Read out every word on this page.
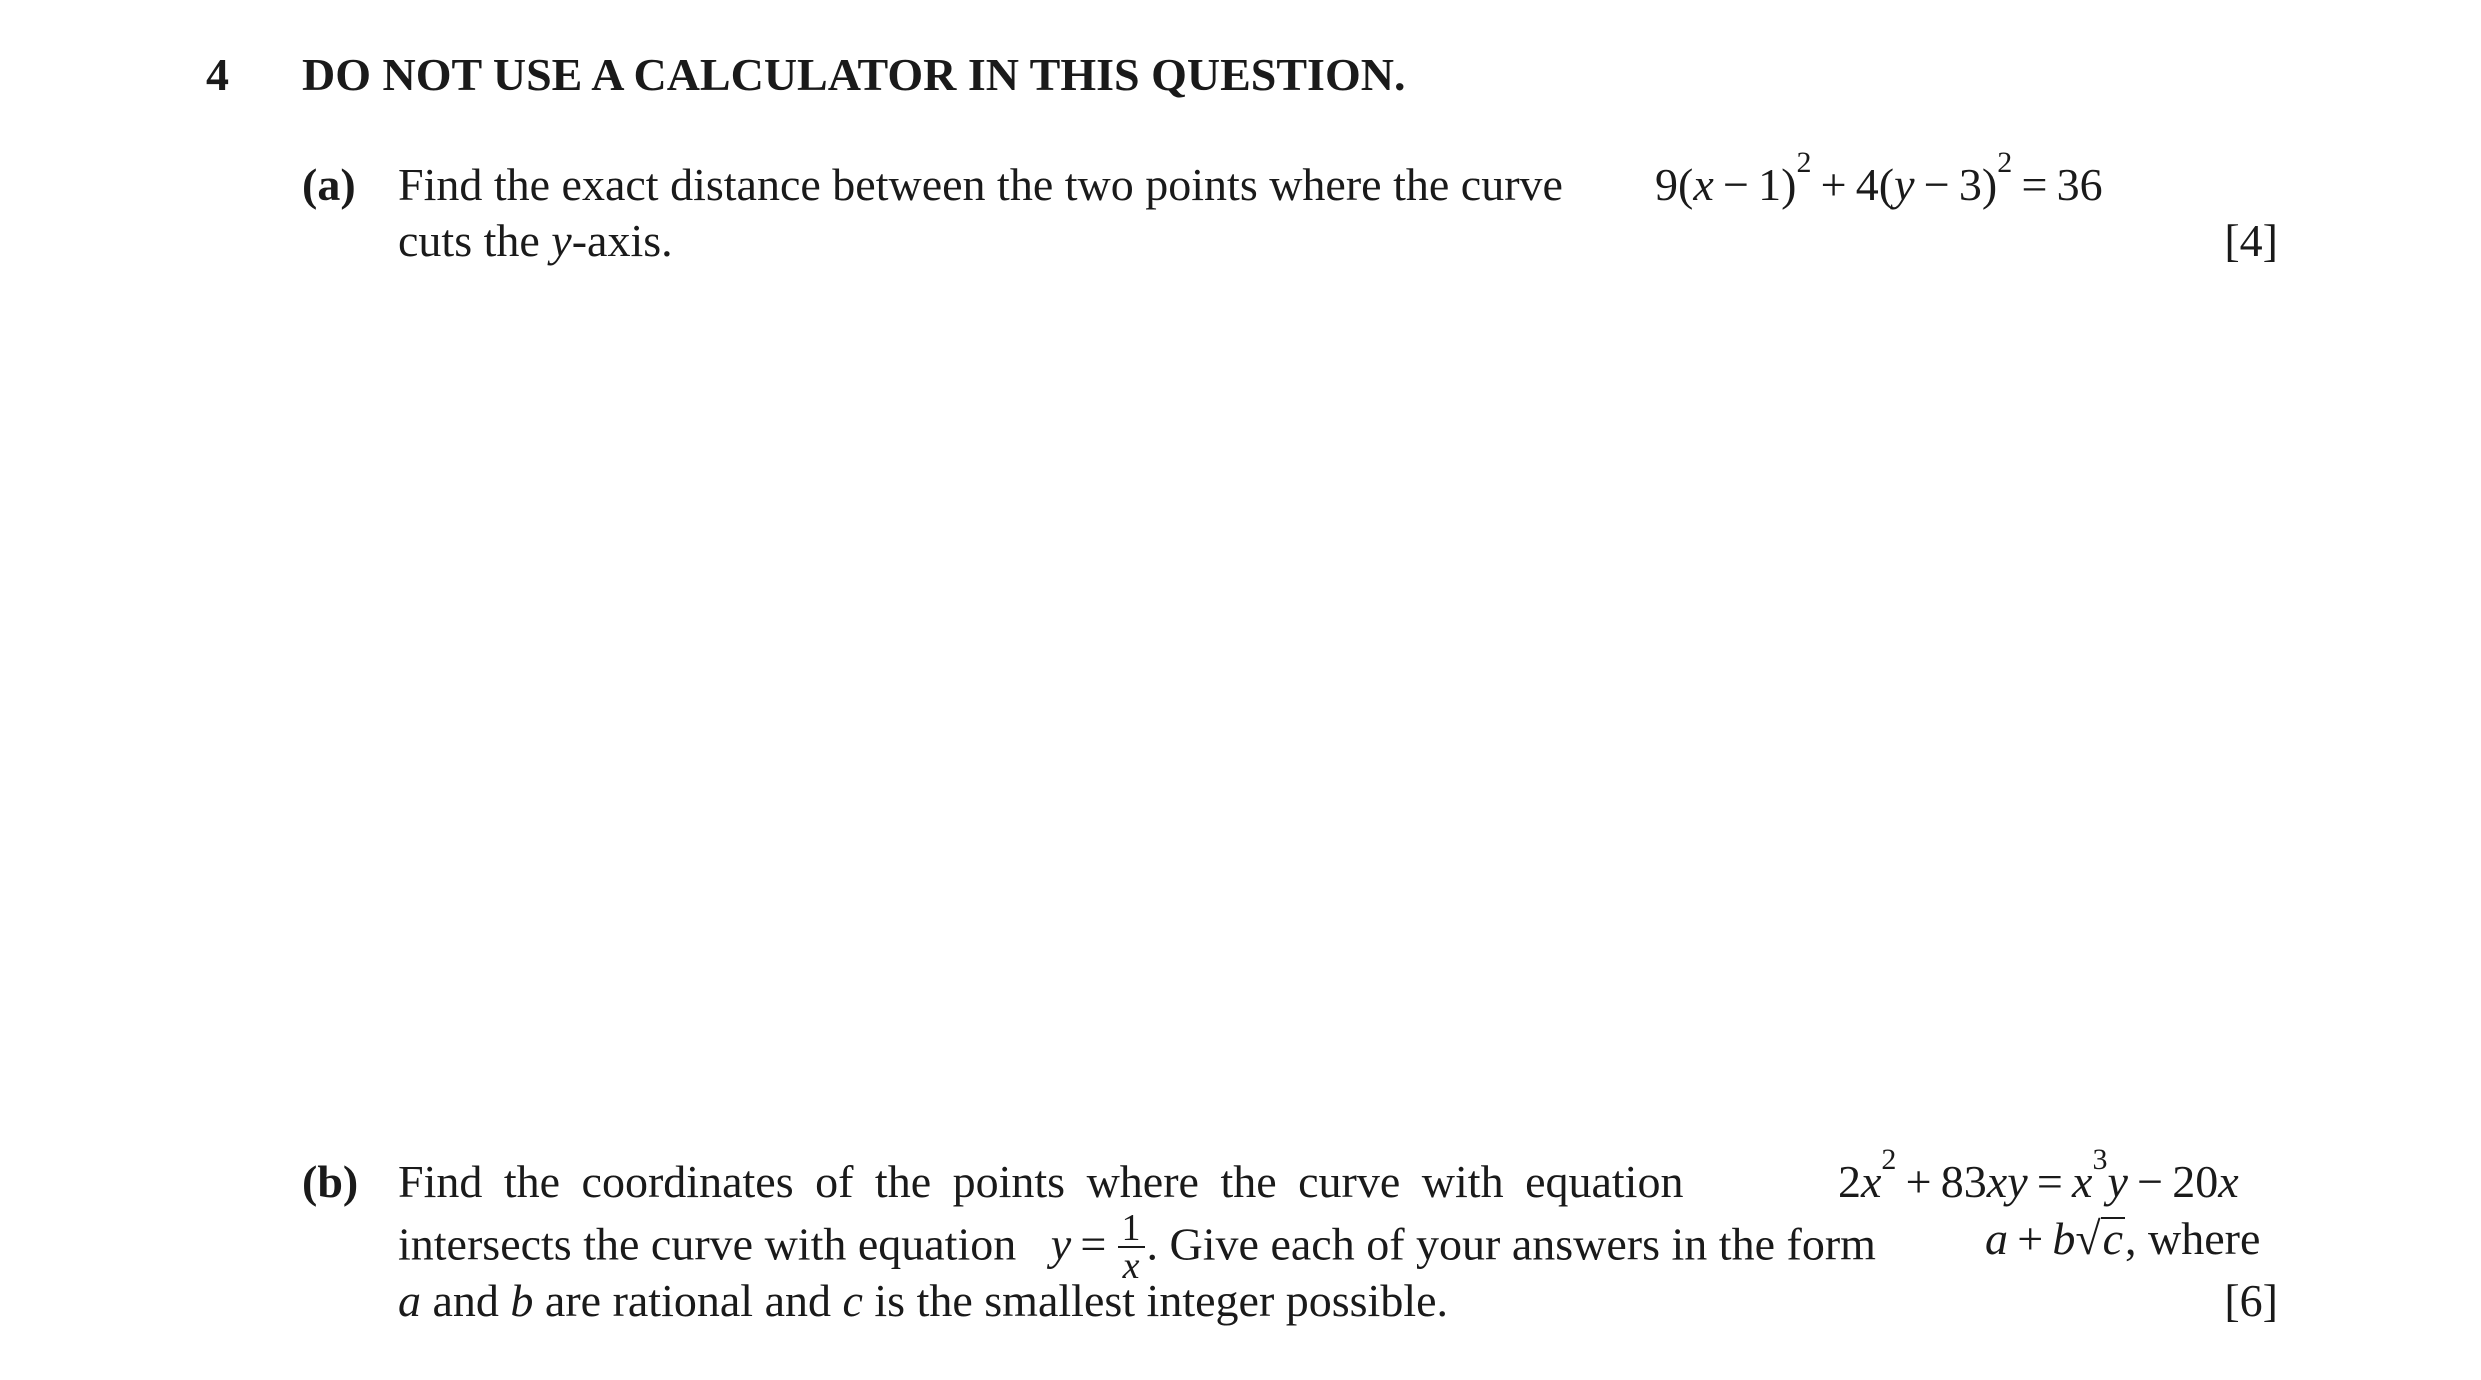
4 DO NOT USE A CALCULATOR IN THIS QUESTION.
(a) Find the exact distance between the two points where the curve $9(x - 1)^2 + 4(y - 3)^2 = 36$
cuts the y-axis.	[4]
(b) Find the coordinates of the points where the curve with equation	$2x^2 + 83xy = x^3y - 20x$
intersects the curve with equation $y = \frac{1}{x}$ . Give each of your answers in the form a + b√c, where
a and b are rational and c is the smallest integer possible.	[6]
